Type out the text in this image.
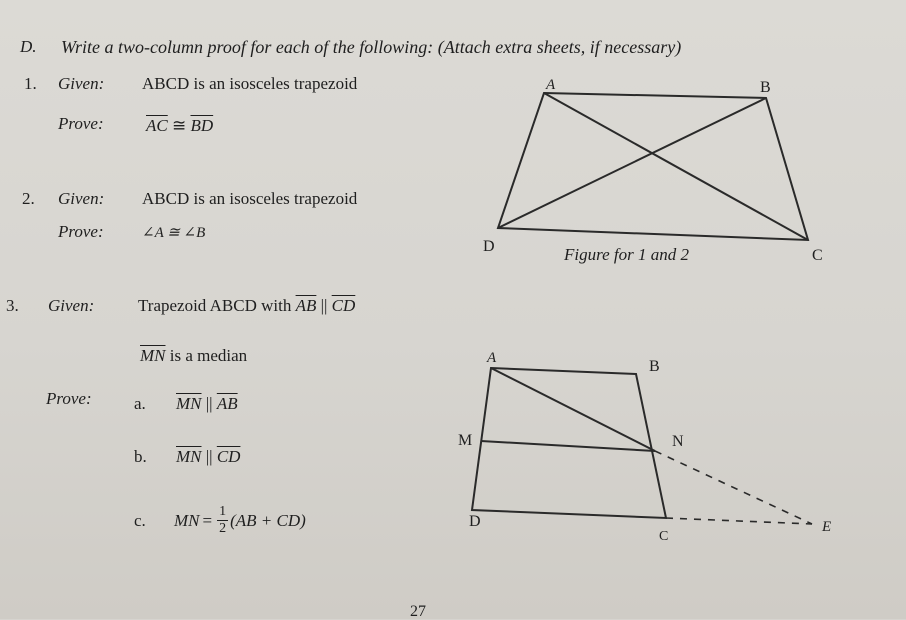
D. Write a two-column proof for each of the following: (Attach extra sheets, if necessary)
1. Given: ABCD is an isosceles trapezoid
Prove: $\overline{AC}$ ≅ $\overline{BD}$
2. Given: ABCD is an isosceles trapezoid
Prove:	∠A ≅ ∠B
3. Given:	Trapezoid ABCD with $\overline{AB}$ || $\overline{CD}$
$\overline{MN}$ is a median
Prove: a. $\overline{MN}$ || $\overline{AB}$
b. $\overline{MN}$ || $\overline{CD}$
c. MN = $\frac{1}{2} (AB + CD)$
A	B
C
D	Figure for 1 and 2
A	B
C
D
M	N
E
27
